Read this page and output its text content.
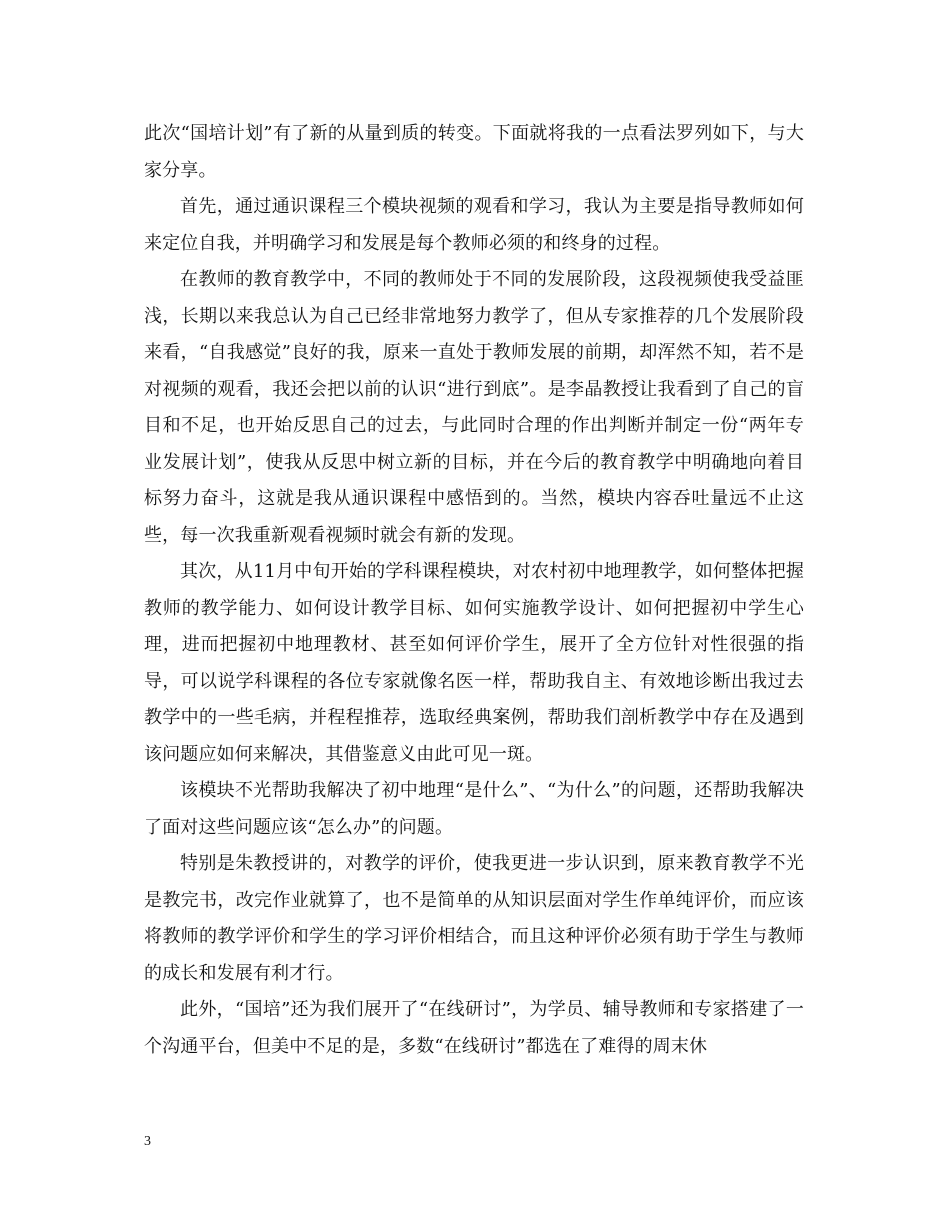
此次“国培计划”有了新的从量到质的转变。下面就将我的一点看法罗列如下，与大家分享。

首先，通过通识课程三个模块视频的观看和学习，我认为主要是指导教师如何来定位自我，并明确学习和发展是每个教师必须的和终身的过程。

在教师的教育教学中，不同的教师处于不同的发展阶段，这段视频使我受益匪浅，长期以来我总认为自己已经非常地努力教学了，但从专家推荐的几个发展阶段来看，“自我感觉”良好的我，原来一直处于教师发展的前期，却浑然不知，若不是对视频的观看，我还会把以前的认识“进行到底”。是李晶教授让我看到了自己的盲目和不足，也开始反思自己的过去，与此同时合理的作出判断并制定一份“两年专业发展计划”，使我从反思中树立新的目标，并在今后的教育教学中明确地向着目标努力奋斗，这就是我从通识课程中感悟到的。当然，模块内容吞吐量远不止这些，每一次我重新观看视频时就会有新的发现。

其次，从11月中旬开始的学科课程模块，对农村初中地理教学，如何整体把握教师的教学能力、如何设计教学目标、如何实施教学设计、如何把握初中学生心理，进而把握初中地理教材、甚至如何评价学生，展开了全方位针对性很强的指导，可以说学科课程的各位专家就像名医一样，帮助我自主、有效地诊断出我过去教学中的一些毛病，并程程推荐，选取经典案例，帮助我们剖析教学中存在及遇到该问题应如何来解决，其借鉴意义由此可见一斑。

该模块不光帮助我解决了初中地理“是什么”、“为什么”的问题，还帮助我解决了面对这些问题应该“怎么办”的问题。

特别是朱教授讲的，对教学的评价，使我更进一步认识到，原来教育教学不光是教完书，改完作业就算了，也不是简单的从知识层面对学生作单纯评价，而应该将教师的教学评价和学生的学习评价相结合，而且这种评价必须有助于学生与教师的成长和发展有利才行。

此外，“国培”还为我们展开了“在线研讨”，为学员、辅导教师和专家搭建了一个沟通平台，但美中不足的是，多数“在线研讨”都选在了难得的周末休

3
